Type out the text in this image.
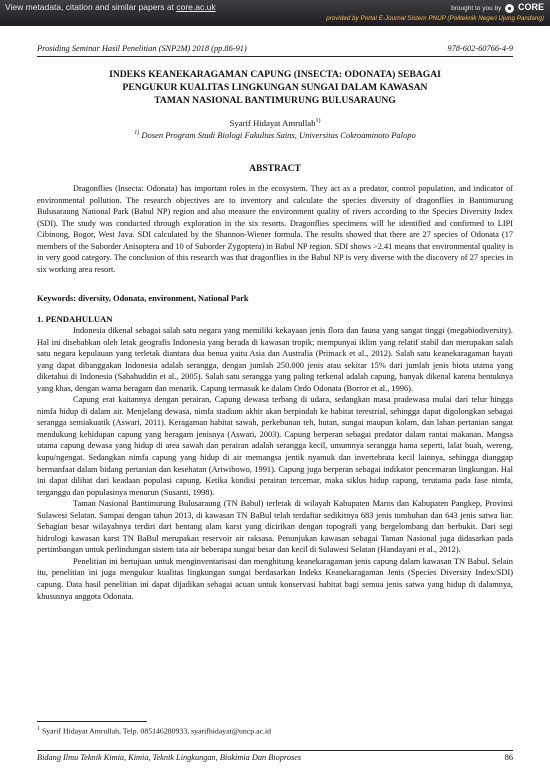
View metadata, citation and similar papers at core.ac.uk	brought to you by CORE
provided by Portal E-Journal Sistem PNUP (Politeknik Negeri Ujung Pandang)
Prosiding Seminar Hasil Penelitian (SNP2M) 2018 (pp.86-91)	978-602-60766-4-9
INDEKS KEANEKARAGAMAN CAPUNG (INSECTA: ODONATA) SEBAGAI
PENGUKUR KUALITAS LINGKUNGAN SUNGAI DALAM KAWASAN
TAMAN NASIONAL BANTIMURUNG BULUSARAUNG
Syarif Hidayat Amrullah$^{1)}$
$^{1)}$ Dosen Program Studi Biologi Fakultas Sains, Universitas Cokroaminoto Palopo
ABSTRACT
Dragonflies (Insecta: Odonata) has important roles in the ecosystem. They act as a predator, control population, and indicator of environmental pollution. The research objectives are to inventory and calculate the species diversity of dragonflies in Bantimurung Bulusaraung National Park (Babul NP) region and also measure the environment quality of rivers according to the Species Diversity Index (SDI). The study was conducted through exploration in the six resorts. Dragonflies specimens will be identified and confirmed to LIPI Cibinong, Bogor, West Java. SDI calculated by the Shannon-Wiener formula. The results showed that there are 27 species of Odonata (17 members of the Suborder Anisoptera and 10 of Suborder Zygoptera) in Babul NP region. SDI shows >2.41 means that environmental quality is in very good category. The conclusion of this research was that dragonflies in the Babul NP is very diverse with the discovery of 27 species in six working area resort.
Keywords: diversity, Odonata, environment, National Park
1. PENDAHULUAN

Indonesia dikenal sebagai salah satu negara yang memiliki kekayaan jenis flora dan fauna yang sangat tinggi (megabiodiversity). Hal ini disebabkan oleh letak geografis Indonesia yang berada di kawasan tropik; mempunyai iklim yang relatif stabil dan merupakan salah satu negara kepulauan yang terletak diantara dua benua yaitu Asia dan Australia (Primack et al., 2012). Salah satu keanekaragaman hayati yang dapat dibanggakan Indonesia adalah serangga, dengan jumlah 250.000 jenis atau sekitar 15% dari jumlah jenis biota utama yang diketahui di Indonesia (Sabahuddin et al., 2005). Salah satu serangga yang paling terkenal adalah capung, banyak dikenal karena bentuknya yang khas, dengan warna beragam dan menarik. Capung termasuk ke dalam Ordo Odonata (Borror et al., 1996).

Capung erat kaitannya dengan perairan, Capung dewasa terbang di udara, sedangkan masa pradewasa mulai dari telur hingga nimfa hidup di dalam air. Menjelang dewasa, nimfa stadium akhir akan berpindah ke habitat terestrial, sehingga dapat digolongkan sebagai serangga semiakuatik (Aswari, 2011). Keragaman habitat sawah, perkebunan teh, hutan, sungai maupun kolam, dan lahan pertanian sangat mendukung kehidupan capung yang beragam jenisnya (Aswari, 2003). Capung berperan sebagai predator dalam rantai makanan. Mangsa utama capung dewasa yang hidup di area sawah dan perairan adalah serangga kecil, umumnya serangga hama seperti, lalat buah, wereng, kupu/ngengat. Sedangkan nimfa capung yang hidup di air memangsa jentik nyamuk dan invertebrata kecil lainnya, sehingga dianggap bermanfaat dalam bidang pertanian dan kesehatan (Ariwibowo, 1991). Capung juga berperan sebagai indikator pencemaran lingkungan. Hal ini dapat dilihat dari keadaan populasi capung. Ketika kondisi perairan tercemar, maka siklus hidup capung, terutama pada fase nimfa, terganggu dan populasinya menurun (Susanti, 1998).

Taman Nasional Bantimurung Bulusaraung (TN Babul) terletak di wilayah Kabupaten Maros dan Kabupaten Pangkep, Provinsi Sulawesi Selatan. Sampai dengan tahun 2013, di kawasan TN BaBul telah terdaftar sedikitnya 683 jenis tumbuhan dan 643 jenis satwa liar. Sebagian besar wilayahnya terdiri dari bentang alam karst yang dicirikan dengan topografi yang bergelombang dan berbukit. Dari segi hidrologi kawasan karst TN BaBul merupakan reservoir air raksasa. Penunjukan kawasan sebagai Taman Nasional juga didasarkan pada pertimbangan untuk perlindungan sistem tata air beberapa sungai besar dan kecil di Sulawesi Selatan (Handayani et al., 2012).

Penelitian ini bertujuan untuk menginventarisasi dan menghitung keanekaragaman jenis capung dalam kawasan TN Babul. Selain itu, penelitian ini juga mengukur kualitas lingkungan sungai berdasarkan Indeks Keanekaragaman Jenis (Species Diversity Index/SDI) capung. Data hasil penelitian ini dapat dijadikan sebagai acuan untuk konservasi habitat bagi semua jenis satwa yang hidup di dalamnya, khususnya anggota Odonata.

$^1$ Syarif Hidayat Amrullah, Telp. 085146280933, syarifhidayat@uncp.ac.id
Bidang Ilmu Teknik Kimia, Kimia, Teknik Lingkungan, Biokimia Dan Bioproses	86
